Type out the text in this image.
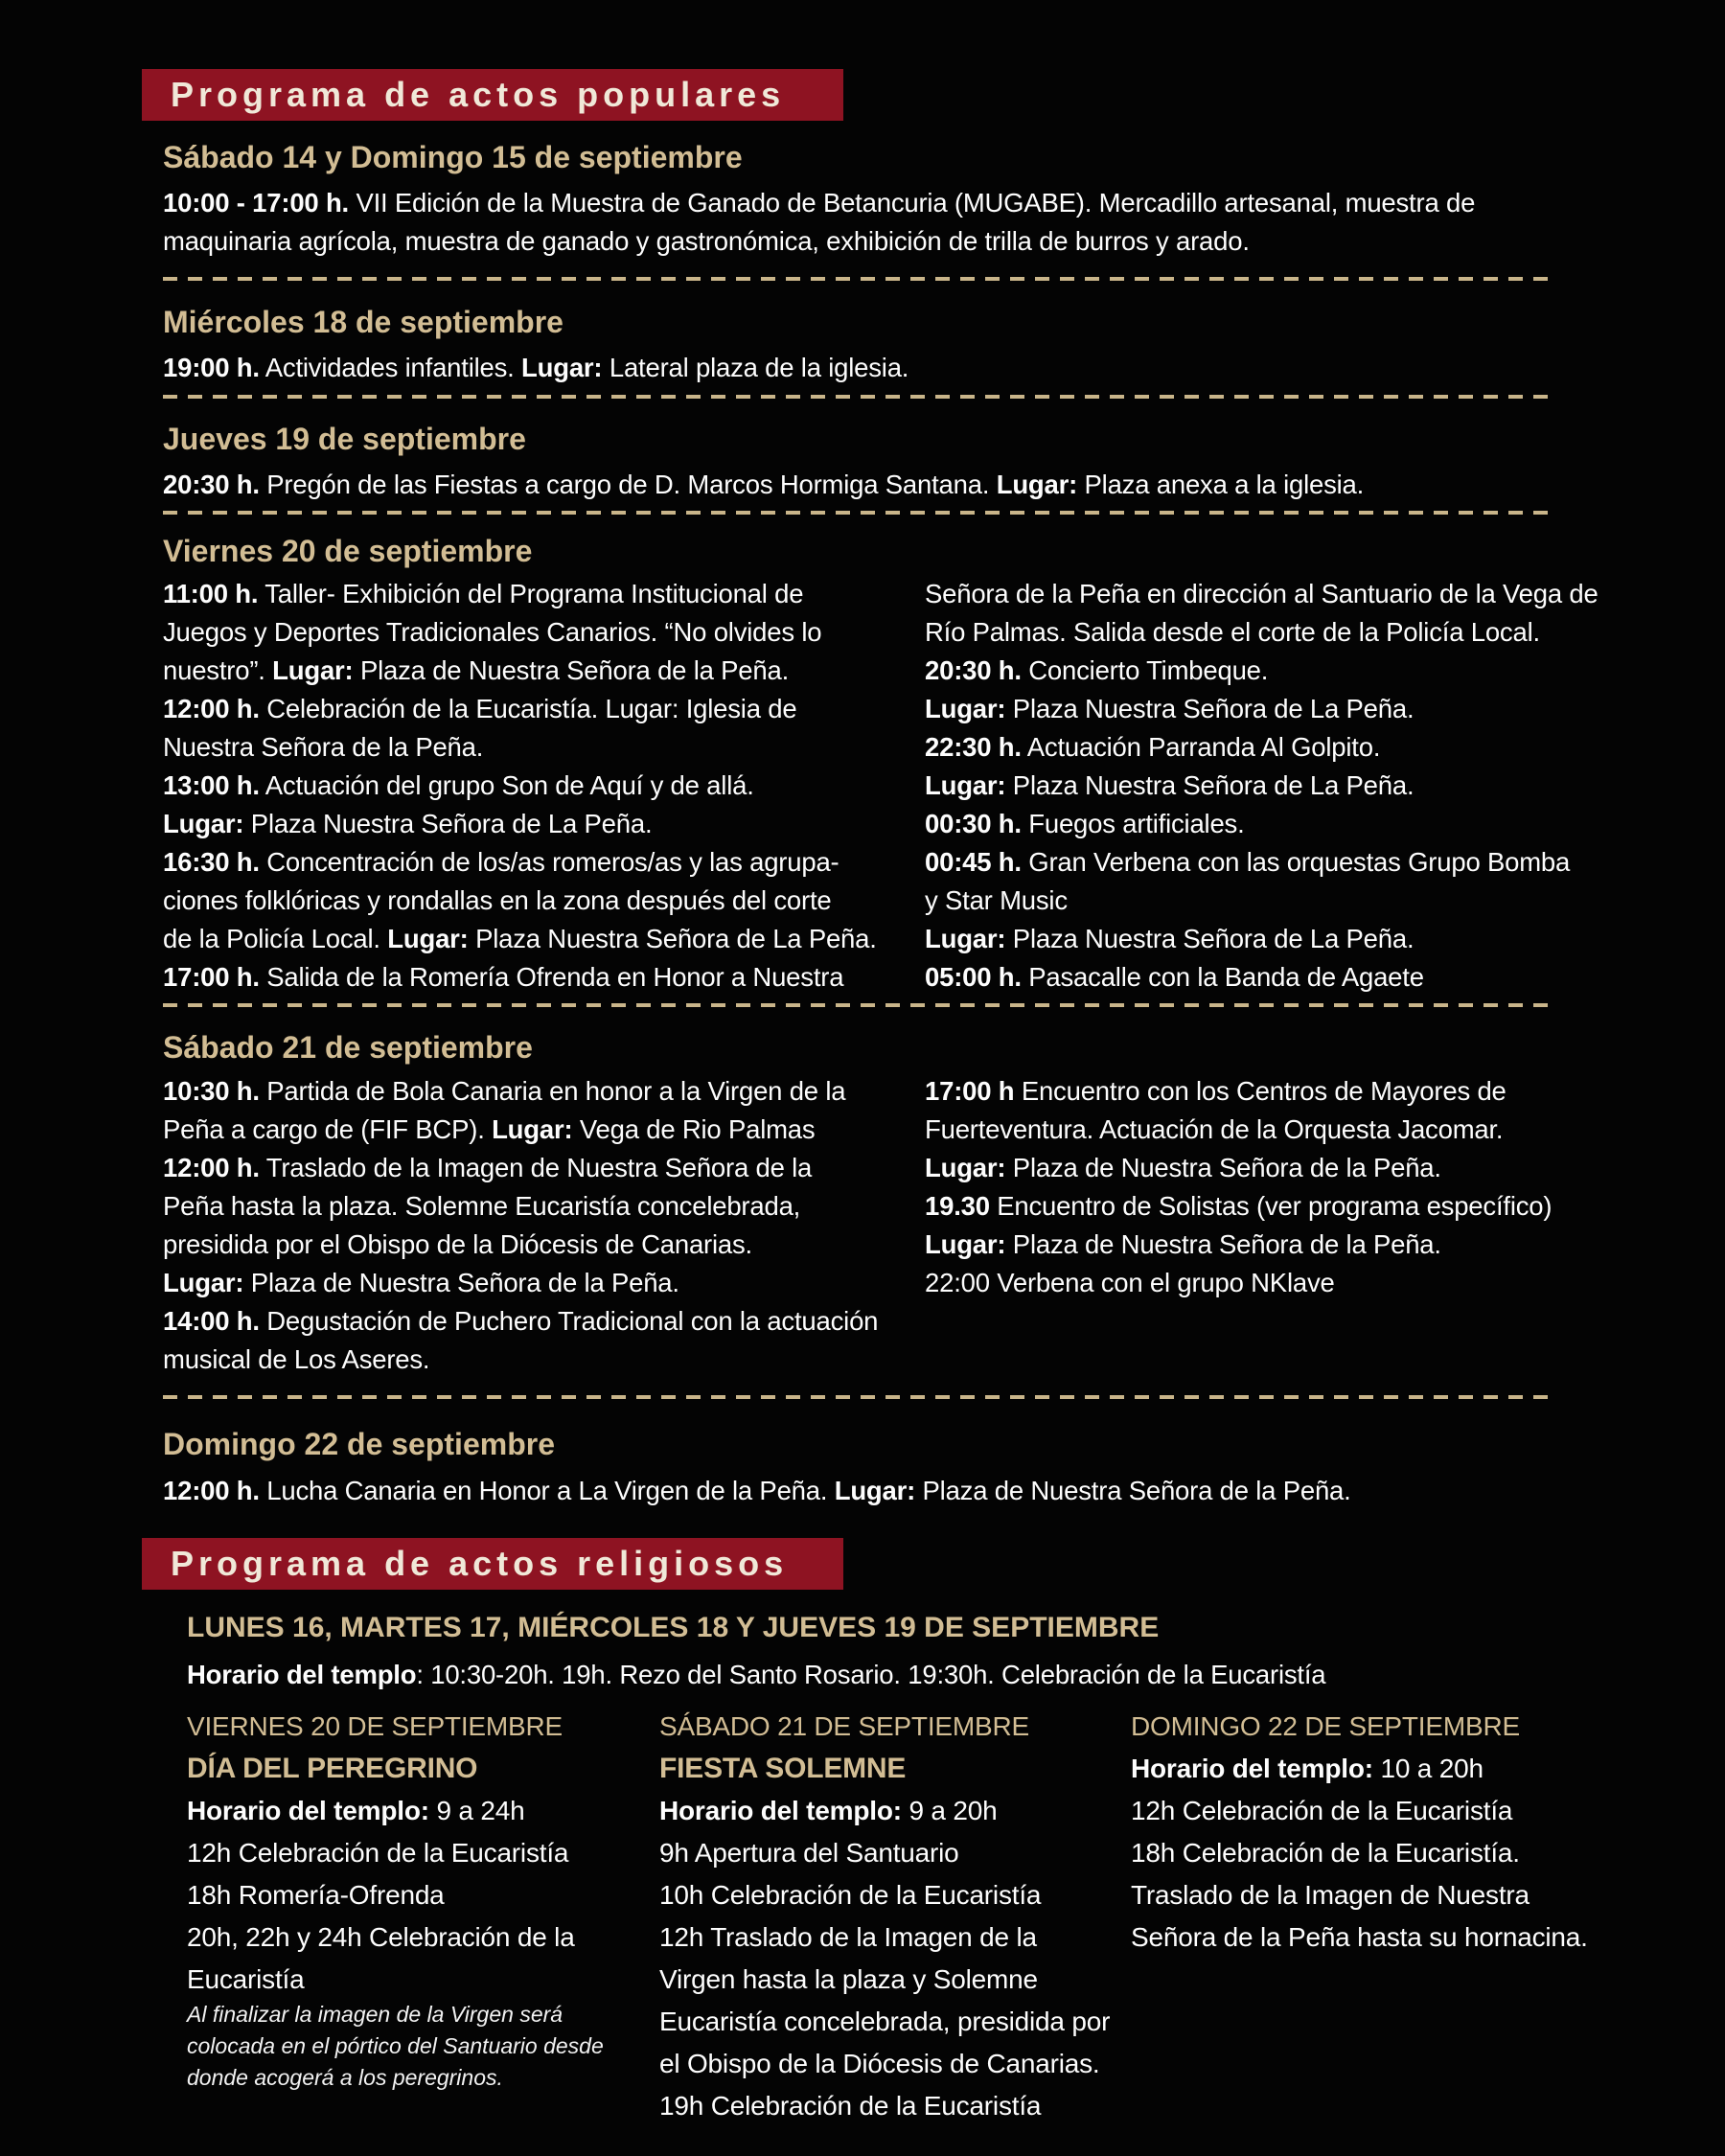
Programa de actos populares
Sábado 14 y Domingo 15 de septiembre
10:00 - 17:00 h. VII Edición de la Muestra de Ganado de Betancuria (MUGABE). Mercadillo artesanal, muestra de
maquinaria agrícola, muestra de ganado y gastronómica, exhibición de trilla de burros y arado.
Miércoles 18 de septiembre
19:00 h. Actividades infantiles. Lugar: Lateral plaza de la iglesia.
Jueves 19 de septiembre
20:30 h. Pregón de las Fiestas a cargo de D. Marcos Hormiga Santana. Lugar: Plaza anexa a la iglesia.
Viernes 20 de septiembre
11:00 h. Taller- Exhibición del Programa Institucional de
Juegos y Deportes Tradicionales Canarios. “No olvides lo
nuestro”. Lugar: Plaza de Nuestra Señora de la Peña.
12:00 h. Celebración de la Eucaristía. Lugar: Iglesia de
Nuestra Señora de la Peña.
13:00 h. Actuación del grupo Son de Aquí y de allá.
Lugar: Plaza Nuestra Señora de La Peña.
16:30 h. Concentración de los/as romeros/as y las agrupa-
ciones folklóricas y rondallas en la zona después del corte
de la Policía Local. Lugar: Plaza Nuestra Señora de La Peña.
17:00 h. Salida de la Romería Ofrenda en Honor a Nuestra
Señora de la Peña en dirección al Santuario de la Vega de
Río Palmas. Salida desde el corte de la Policía Local.
20:30 h. Concierto Timbeque.
Lugar: Plaza Nuestra Señora de La Peña.
22:30 h. Actuación Parranda Al Golpito.
Lugar: Plaza Nuestra Señora de La Peña.
00:30 h. Fuegos artificiales.
00:45 h. Gran Verbena con las orquestas Grupo Bomba
y Star Music
Lugar: Plaza Nuestra Señora de La Peña.
05:00 h. Pasacalle con la Banda de Agaete
Sábado 21 de septiembre
10:30 h. Partida de Bola Canaria en honor a la Virgen de la
Peña a cargo de (FIF BCP). Lugar: Vega de Rio Palmas
12:00 h. Traslado de la Imagen de Nuestra Señora de la
Peña hasta la plaza. Solemne Eucaristía concelebrada,
presidida por el Obispo de la Diócesis de Canarias.
Lugar: Plaza de Nuestra Señora de la Peña.
14:00 h. Degustación de Puchero Tradicional con la actuación
musical de Los Aseres.
17:00 h Encuentro con los Centros de Mayores de
Fuerteventura. Actuación de la Orquesta Jacomar.
Lugar: Plaza de Nuestra Señora de la Peña.
19.30 Encuentro de Solistas (ver programa específico)
Lugar: Plaza de Nuestra Señora de la Peña.
22:00 Verbena con el grupo NKlave
Domingo 22 de septiembre
12:00 h. Lucha Canaria en Honor a La Virgen de la Peña. Lugar: Plaza de Nuestra Señora de la Peña.
Programa de actos religiosos
LUNES 16, MARTES 17, MIÉRCOLES 18 Y JUEVES 19 DE SEPTIEMBRE
Horario del templo: 10:30-20h. 19h. Rezo del Santo Rosario. 19:30h. Celebración de la Eucaristía
VIERNES 20 DE SEPTIEMBRE
DÍA DEL PEREGRINO
Horario del templo: 9 a 24h
12h Celebración de la Eucaristía
18h Romería-Ofrenda
20h, 22h y 24h Celebración de la
Eucaristía
SÁBADO 21 DE SEPTIEMBRE
FIESTA SOLEMNE
Horario del templo: 9 a 20h
9h Apertura del Santuario
10h Celebración de la Eucaristía
12h Traslado de la Imagen de la
Virgen hasta la plaza y Solemne
Eucaristía concelebrada, presidida por
el Obispo de la Diócesis de Canarias.
19h Celebración de la Eucaristía
DOMINGO 22 DE SEPTIEMBRE
Horario del templo: 10 a 20h
12h Celebración de la Eucaristía
18h Celebración de la Eucaristía.
Traslado de la Imagen de Nuestra
Señora de la Peña hasta su hornacina.
Al finalizar la imagen de la Virgen será colocada en el pórtico del Santuario desde donde acogerá a los peregrinos.
